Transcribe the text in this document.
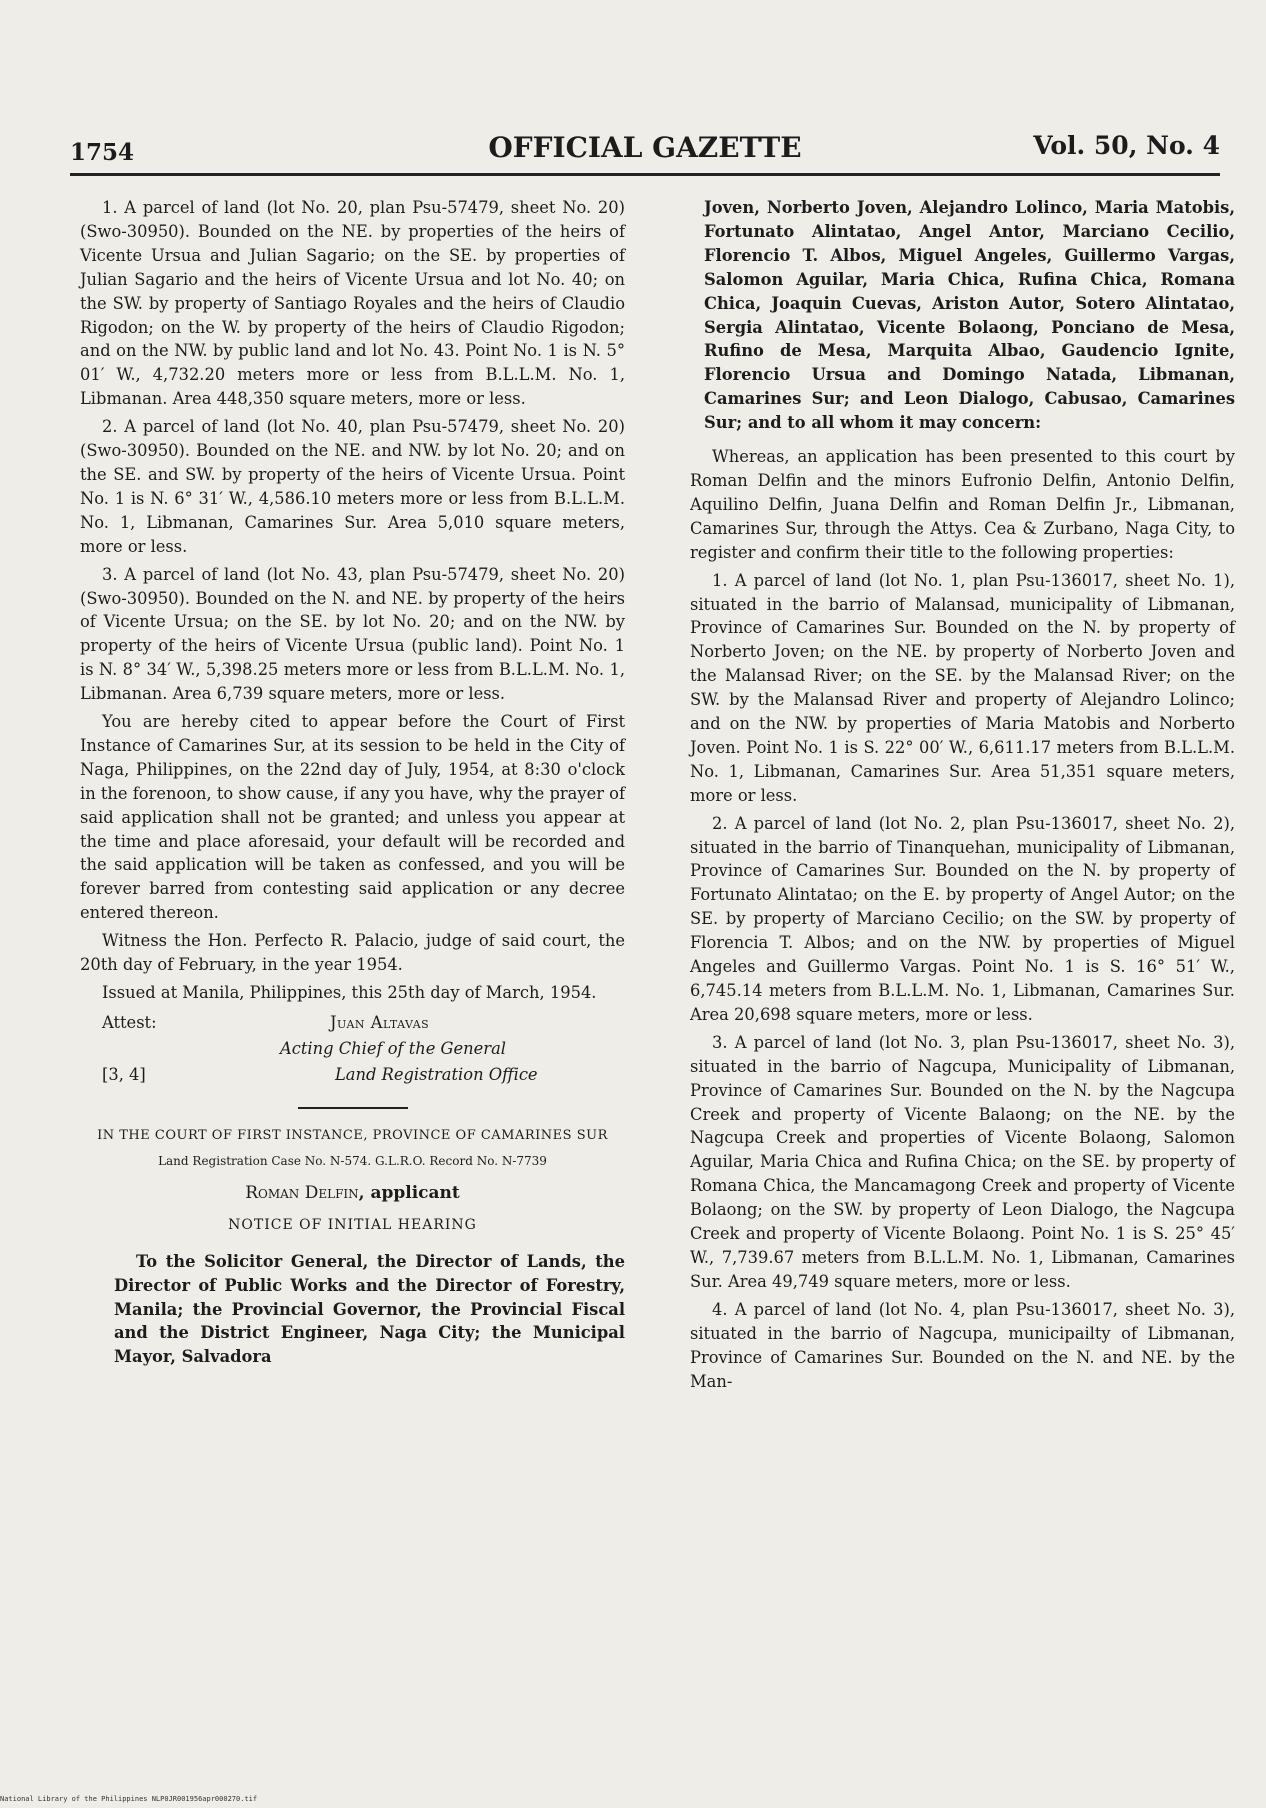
1754	OFFICIAL GAZETTE	Vol. 50, No. 4

1. A parcel of land (lot No. 20, plan Psu-57479, sheet No. 20) (Swo-30950). Bounded on the NE. by properties of the heirs of Vicente Ursua and Julian Sagario; on the SE. by properties of Julian Sagario and the heirs of Vicente Ursua and lot No. 40; on the SW. by property of Santiago Royales and the heirs of Claudio Rigodon; on the W. by property of the heirs of Claudio Rigodon; and on the NW. by public land and lot No. 43. Point No. 1 is N. 5° 01′ W., 4,732.20 meters more or less from B.L.L.M. No. 1, Libmanan. Area 448,350 square meters, more or less.

2. A parcel of land (lot No. 40, plan Psu-57479, sheet No. 20) (Swo-30950). Bounded on the NE. and NW. by lot No. 20; and on the SE. and SW. by property of the heirs of Vicente Ursua. Point No. 1 is N. 6° 31′ W., 4,586.10 meters more or less from B.L.L.M. No. 1, Libmanan, Camarines Sur. Area 5,010 square meters, more or less.

3. A parcel of land (lot No. 43, plan Psu-57479, sheet No. 20) (Swo-30950). Bounded on the N. and NE. by property of the heirs of Vicente Ursua; on the SE. by lot No. 20; and on the NW. by property of the heirs of Vicente Ursua (public land). Point No. 1 is N. 8° 34′ W., 5,398.25 meters more or less from B.L.L.M. No. 1, Libmanan. Area 6,739 square meters, more or less.

You are hereby cited to appear before the Court of First Instance of Camarines Sur, at its session to be held in the City of Naga, Philippines, on the 22nd day of July, 1954, at 8:30 o'clock in the forenoon, to show cause, if any you have, why the prayer of said application shall not be granted; and unless you appear at the time and place aforesaid, your default will be recorded and the said application will be taken as confessed, and you will be forever barred from contesting said application or any decree entered thereon.

Witness the Hon. Perfecto R. Palacio, judge of said court, the 20th day of February, in the year 1954.

Issued at Manila, Philippines, this 25th day of March, 1954.

Attest:	Juan Altavas
Acting Chief of the General
[3, 4]	Land Registration Office
IN THE COURT OF FIRST INSTANCE, PROVINCE OF CAMARINES SUR
Land Registration Case No. N-574. G.L.R.O. Record No. N-7739
Roman Delfin, applicant
NOTICE OF INITIAL HEARING

To the Solicitor General, the Director of Lands, the Director of Public Works and the Director of Forestry, Manila; the Provincial Governor, the Provincial Fiscal and the District Engineer, Naga City; the Municipal Mayor, Salvadora

Joven, Norberto Joven, Alejandro Lolinco, Maria Matobis, Fortunato Alintatao, Angel Antor, Marciano Cecilio, Florencio T. Albos, Miguel Angeles, Guillermo Vargas, Salomon Aguilar, Maria Chica, Rufina Chica, Romana Chica, Joaquin Cuevas, Ariston Autor, Sotero Alintatao, Sergia Alintatao, Vicente Bolaong, Ponciano de Mesa, Rufino de Mesa, Marquita Albao, Gaudencio Ignite, Florencio Ursua and Domingo Natada, Libmanan, Camarines Sur; and Leon Dialogo, Cabusao, Camarines Sur; and to all whom it may concern:

Whereas, an application has been presented to this court by Roman Delfin and the minors Eufronio Delfin, Antonio Delfin, Aquilino Delfin, Juana Delfin and Roman Delfin Jr., Libmanan, Camarines Sur, through the Attys. Cea & Zurbano, Naga City, to register and confirm their title to the following properties:

1. A parcel of land (lot No. 1, plan Psu-136017, sheet No. 1), situated in the barrio of Malansad, municipality of Libmanan, Province of Camarines Sur. Bounded on the N. by property of Norberto Joven; on the NE. by property of Norberto Joven and the Malansad River; on the SE. by the Malansad River; on the SW. by the Malansad River and property of Alejandro Lolinco; and on the NW. by properties of Maria Matobis and Norberto Joven. Point No. 1 is S. 22° 00′ W., 6,611.17 meters from B.L.L.M. No. 1, Libmanan, Camarines Sur. Area 51,351 square meters, more or less.

2. A parcel of land (lot No. 2, plan Psu-136017, sheet No. 2), situated in the barrio of Tinanquehan, municipality of Libmanan, Province of Camarines Sur. Bounded on the N. by property of Fortunato Alintatao; on the E. by property of Angel Autor; on the SE. by property of Marciano Cecilio; on the SW. by property of Florencia T. Albos; and on the NW. by properties of Miguel Angeles and Guillermo Vargas. Point No. 1 is S. 16° 51′ W., 6,745.14 meters from B.L.L.M. No. 1, Libmanan, Camarines Sur. Area 20,698 square meters, more or less.

3. A parcel of land (lot No. 3, plan Psu-136017, sheet No. 3), situated in the barrio of Nagcupa, Municipality of Libmanan, Province of Camarines Sur. Bounded on the N. by the Nagcupa Creek and property of Vicente Balaong; on the NE. by the Nagcupa Creek and properties of Vicente Bolaong, Salomon Aguilar, Maria Chica and Rufina Chica; on the SE. by property of Romana Chica, the Mancamagong Creek and property of Vicente Bolaong; on the SW. by property of Leon Dialogo, the Nagcupa Creek and property of Vicente Bolaong. Point No. 1 is S. 25° 45′ W., 7,739.67 meters from B.L.L.M. No. 1, Libmanan, Camarines Sur. Area 49,749 square meters, more or less.

4. A parcel of land (lot No. 4, plan Psu-136017, sheet No. 3), situated in the barrio of Nagcupa, municipailty of Libmanan, Province of Camarines Sur. Bounded on the N. and NE. by the Man-

National Library of the Philippines NLP0JR001956apr000270.tif
